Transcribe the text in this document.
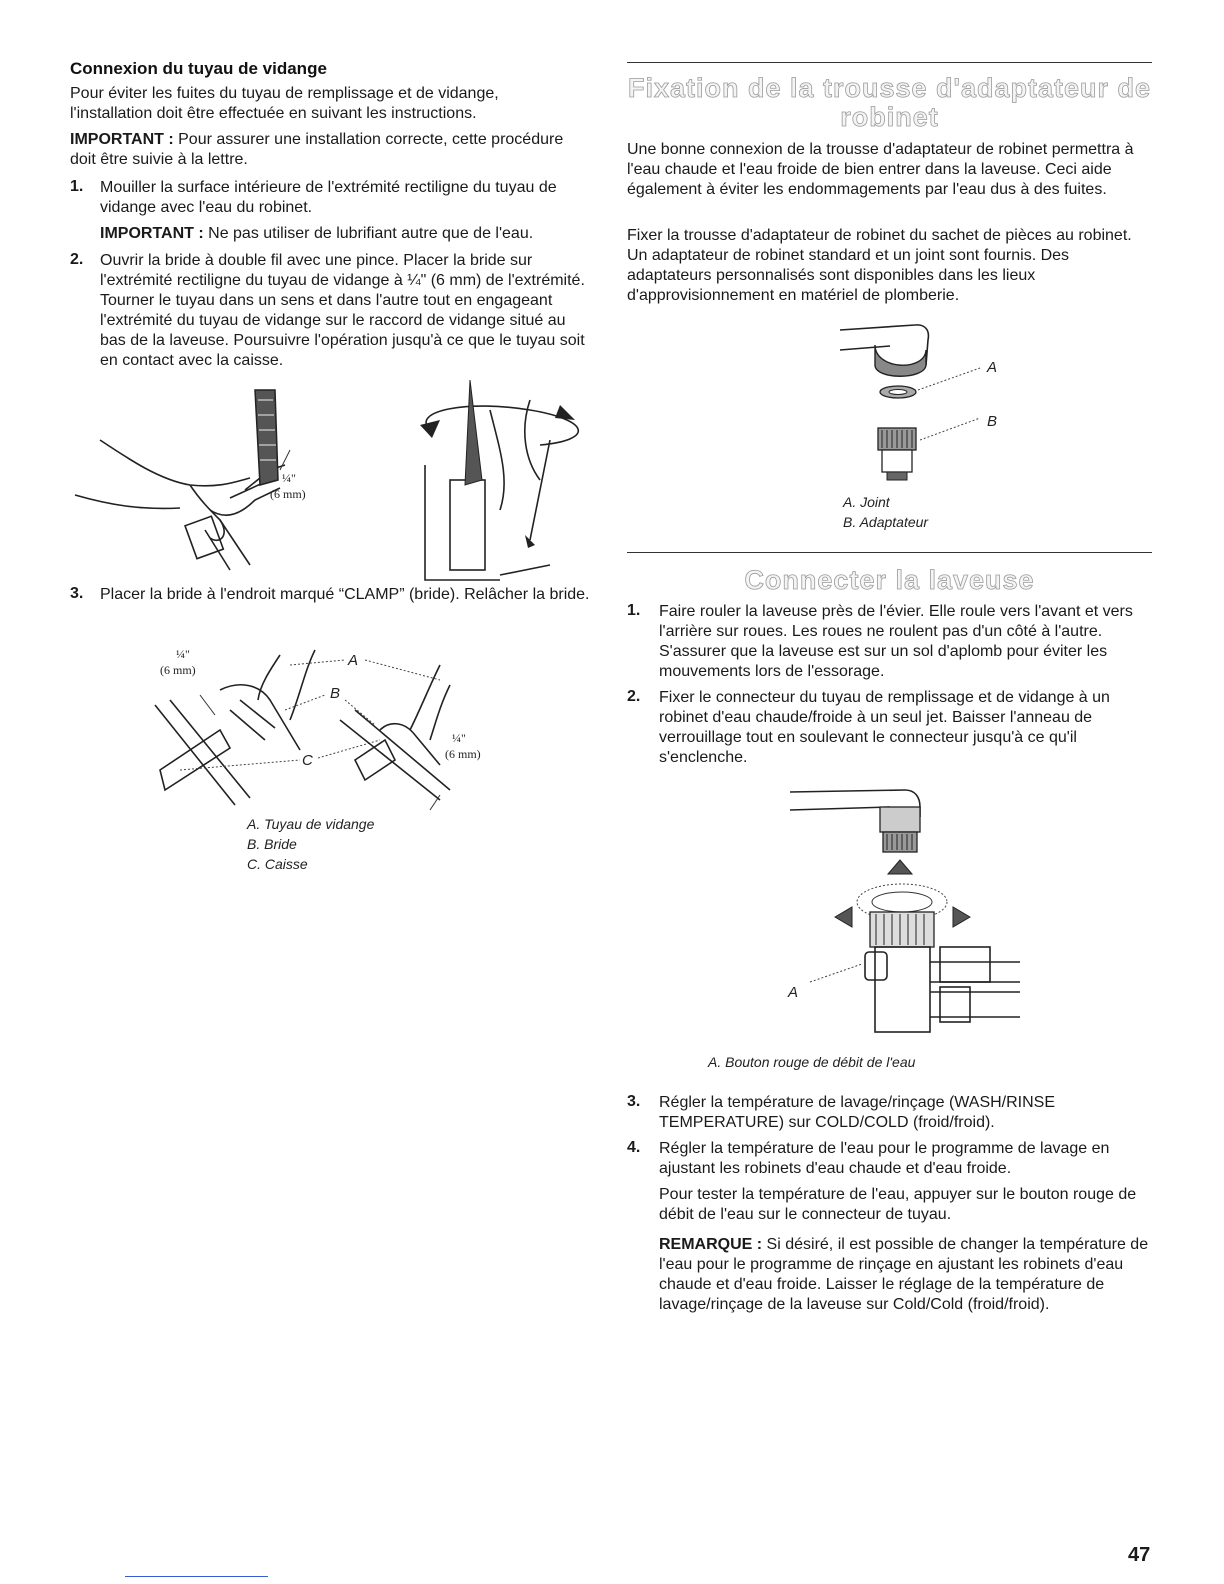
Connexion du tuyau de vidange

Pour éviter les fuites du tuyau de remplissage et de vidange, l'installation doit être effectuée en suivant les instructions.

IMPORTANT : Pour assurer une installation correcte, cette procédure doit être suivie à la lettre.

1. Mouiller la surface intérieure de l'extrémité rectiligne du tuyau de vidange avec l'eau du robinet.

IMPORTANT : Ne pas utiliser de lubrifiant autre que de l'eau.

2. Ouvrir la bride à double fil avec une pince. Placer la bride sur l'extrémité rectiligne du tuyau de vidange à ¼" (6 mm) de l'extrémité. Tourner le tuyau dans un sens et dans l'autre tout en engageant l'extrémité du tuyau de vidange sur le raccord de vidange situé au bas de la laveuse. Poursuivre l'opération jusqu'à ce que le tuyau soit en contact avec la caisse.

¼"
(6 mm)
3. Placer la bride à l'endroit marqué “CLAMP” (bride). Relâcher la bride.

¼"
(6 mm)
A
B
C
¼"
(6 mm)
A. Tuyau de vidange
B. Bride
C. Caisse
Fixation de la trousse d'adaptateur de robinet

Une bonne connexion de la trousse d'adaptateur de robinet permettra à l'eau chaude et l'eau froide de bien entrer dans la laveuse. Ceci aide également à éviter les endommagements par l'eau dus à des fuites.

Fixer la trousse d'adaptateur de robinet du sachet de pièces au robinet. Un adaptateur de robinet standard et un joint sont fournis. Des adaptateurs personnalisés sont disponibles dans les lieux d'approvisionnement en matériel de plomberie.

A
B
A. Joint
B. Adaptateur
Connecter la laveuse
1. Faire rouler la laveuse près de l'évier. Elle roule vers l'avant et vers l'arrière sur roues. Les roues ne roulent pas d'un côté à l'autre. S'assurer que la laveuse est sur un sol d'aplomb pour éviter les mouvements lors de l'essorage.

2. Fixer le connecteur du tuyau de remplissage et de vidange à un robinet d'eau chaude/froide à un seul jet. Baisser l'anneau de verrouillage tout en soulevant le connecteur jusqu'à ce qu'il s'enclenche.

A
A. Bouton rouge de débit de l'eau
3. Régler la température de lavage/rinçage (WASH/RINSE TEMPERATURE) sur COLD/COLD (froid/froid).

4. Régler la température de l'eau pour le programme de lavage en ajustant les robinets d'eau chaude et d'eau froide.

Pour tester la température de l'eau, appuyer sur le bouton rouge de débit de l'eau sur le connecteur de tuyau.

REMARQUE : Si désiré, il est possible de changer la température de l'eau pour le programme de rinçage en ajustant les robinets d'eau chaude et d'eau froide. Laisser le réglage de la température de lavage/rinçage de la laveuse sur Cold/Cold (froid/froid).

47
